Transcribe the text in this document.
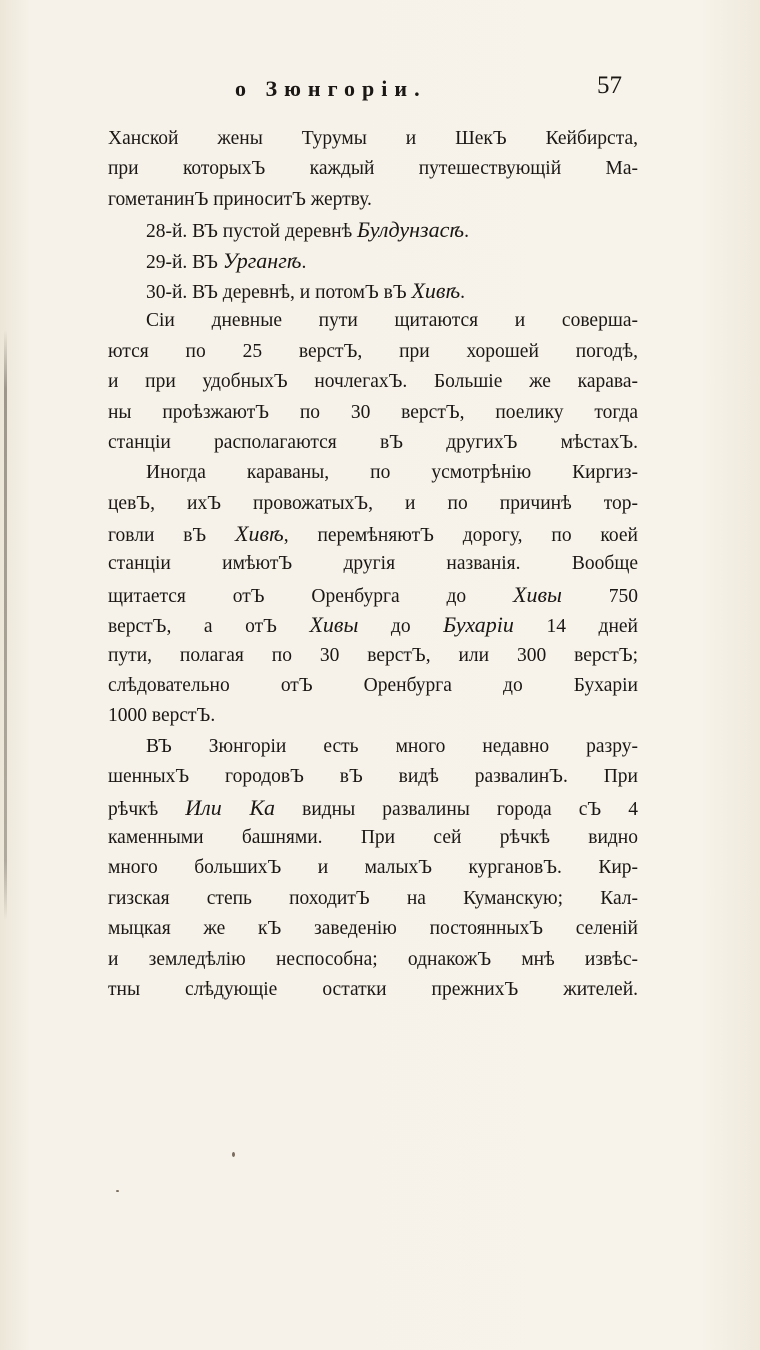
о Зюнгоріи.	57
Ханской жены Турумы и ШекЪ Кейбирста,
при которыхЪ каждый путешествующій Ма-
гометанинЪ приноситЪ жертву.
28-й. ВЪ пустой деревнѣ Булдунзасѣ.
29-й. ВЪ Ургангѣ.
30-й. ВЪ деревнѣ, и потомЪ вЪ Хивѣ.
Сіи дневные пути щитаются и соверша-
ются по 25 верстЪ, при хорошей погодѣ,
и при удобныхЪ ночлегахЪ. Большіе же карава-
ны проѣзжаютЪ по 30 верстЪ, поелику тогда
станціи располагаются вЪ другихЪ мѣстахЪ.
Иногда караваны, по усмотрѣнію Киргиз-
цевЪ, ихЪ провожатыхЪ, и по причинѣ тор-
говли вЪ Хивѣ, перемѣняютЪ дорогу, по коей
станціи имѣютЪ другія названія. Вообще
щитается отЪ Оренбурга до Хивы 750
верстЪ, а отЪ Хивы до Бухаріи 14 дней
пути, полагая по 30 верстЪ, или 300 верстЪ;
слѣдовательно отЪ Оренбурга до Бухаріи
1000 верстЪ.
ВЪ Зюнгоріи есть много недавно разру-
шенныхЪ городовЪ вЪ видѣ развалинЪ. При
рѣчкѣ Или Ка видны развалины города сЪ 4
каменными башнями. При сей рѣчкѣ видно
много большихЪ и малыхЪ кургановЪ. Кир-
гизская степь походитЪ на Куманскую; Кал-
мыцкая же кЪ заведенію постоянныхЪ селеній
и земледѣлію неспособна; однакожЪ мнѣ извѣс-
тны слѣдующіе остатки прежнихЪ жителей.
